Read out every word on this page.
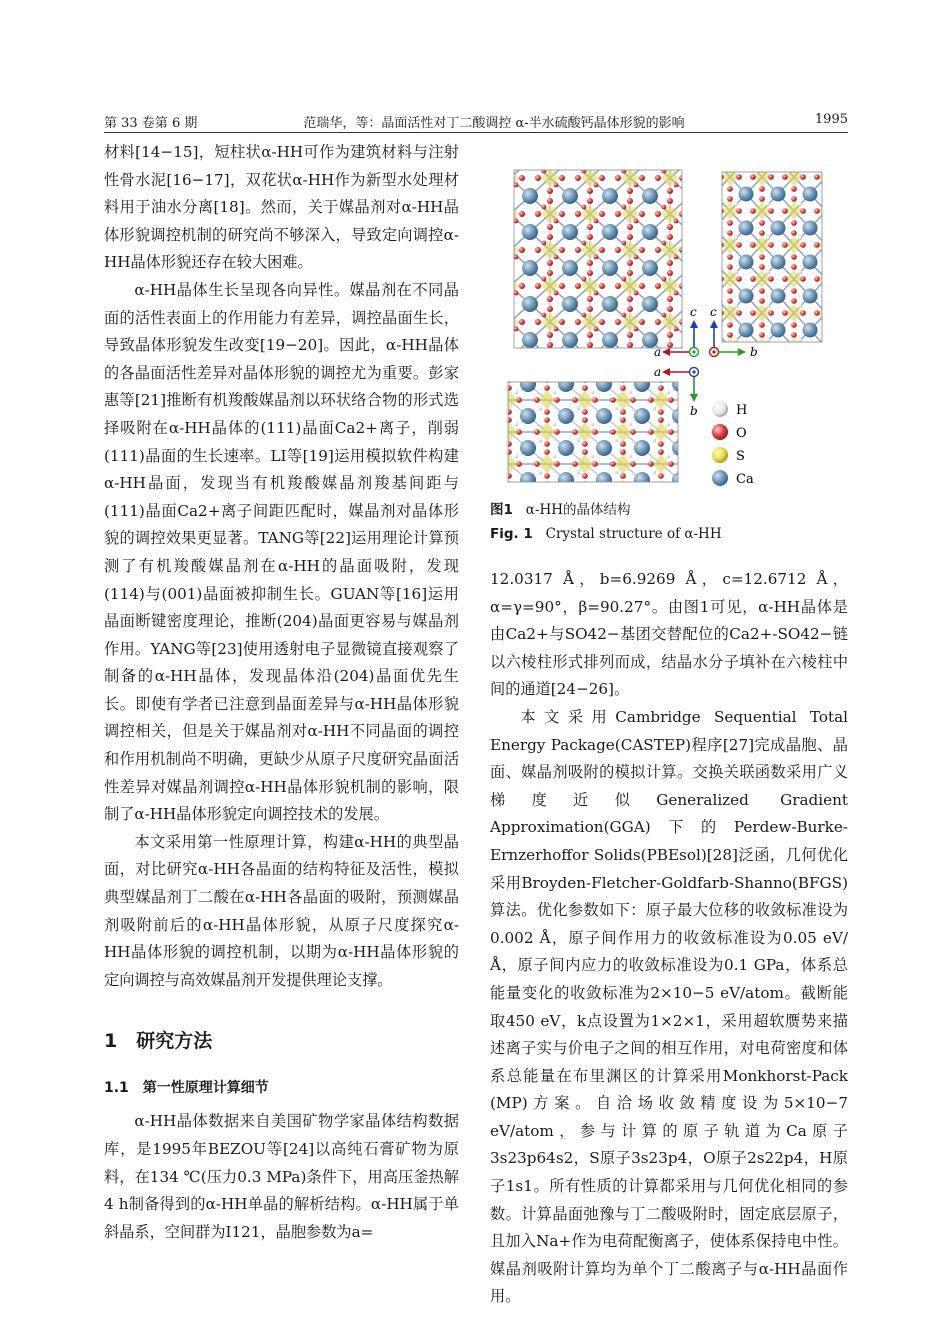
第 33 卷第 6 期	范瑞华，等：晶面活性对丁二酸调控 α-半水硫酸钙晶体形貌的影响	1995

材料[14−15]，短柱状α-HH可作为建筑材料与注射性骨水泥[16−17]，双花状α-HH作为新型水处理材料用于油水分离[18]。然而，关于媒晶剂对α-HH晶体形貌调控机制的研究尚不够深入，导致定向调控α-HH晶体形貌还存在较大困难。

α-HH晶体生长呈现各向异性。媒晶剂在不同晶面的活性表面上的作用能力有差异，调控晶面生长，导致晶体形貌发生改变[19−20]。因此，α-HH晶体的各晶面活性差异对晶体形貌的调控尤为重要。彭家惠等[21]推断有机羧酸媒晶剂以环状络合物的形式选择吸附在α-HH晶体的(111)晶面Ca2+离子，削弱(111)晶面的生长速率。LI等[19]运用模拟软件构建α-HH晶面，发现当有机羧酸媒晶剂羧基间距与(111)晶面Ca2+离子间距匹配时，媒晶剂对晶体形貌的调控效果更显著。TANG等[22]运用理论计算预测了有机羧酸媒晶剂在α-HH的晶面吸附，发现(114)与(001)晶面被抑制生长。GUAN等[16]运用晶面断键密度理论，推断(204)晶面更容易与媒晶剂作用。YANG等[23]使用透射电子显微镜直接观察了制备的α-HH晶体，发现晶体沿(204)晶面优先生长。即使有学者已注意到晶面差异与α-HH晶体形貌调控相关，但是关于媒晶剂对α-HH不同晶面的调控和作用机制尚不明确，更缺少从原子尺度研究晶面活性差异对媒晶剂调控α-HH晶体形貌机制的影响，限制了α-HH晶体形貌定向调控技术的发展。

本文采用第一性原理计算，构建α-HH的典型晶面，对比研究α-HH各晶面的结构特征及活性，模拟典型媒晶剂丁二酸在α-HH各晶面的吸附，预测媒晶剂吸附前后的α-HH晶体形貌，从原子尺度探究α-HH晶体形貌的调控机制，以期为α-HH晶体形貌的定向调控与高效媒晶剂开发提供理论支撑。

1　研究方法
1.1　第一性原理计算细节

α-HH晶体数据来自美国矿物学家晶体结构数据库，是1995年BEZOU等[24]以高纯石膏矿物为原料，在134 ℃(压力0.3 MPa)条件下，用高压釜热解4 h制备得到的α-HH单晶的解析结构。α-HH属于单斜晶系，空间群为I121，晶胞参数为a=

c
a
c
b
a
b	H
O
S
Ca
图1 α-HH的晶体结构
Fig. 1 Crystal structure of α-HH

12.0317 Å，b=6.9269 Å，c=12.6712 Å，α=γ=90°，β=90.27°。由图1可见，α-HH晶体是由Ca2+与SO42−基团交替配位的Ca2+-SO42−链以六棱柱形式排列而成，结晶水分子填补在六棱柱中间的通道[24−26]。

本文采用Cambridge Sequential Total Energy Package(CASTEP)程序[27]完成晶胞、晶面、媒晶剂吸附的模拟计算。交换关联函数采用广义梯度近似Generalized Gradient Approximation(GGA)下的Perdew-Burke-Ernzerhoffor Solids(PBEsol)[28]泛函，几何优化采用Broyden-Fletcher-Goldfarb-Shanno(BFGS)算法。优化参数如下：原子最大位移的收敛标准设为0.002 Å，原子间作用力的收敛标准设为0.05 eV/Å，原子间内应力的收敛标准设为0.1 GPa，体系总能量变化的收敛标准为2×10−5 eV/atom。截断能取450 eV，k点设置为1×2×1，采用超软赝势来描述离子实与价电子之间的相互作用，对电荷密度和体系总能量在布里渊区的计算采用Monkhorst-Pack (MP)方案。自洽场收敛精度设为5×10−7 eV/atom，参与计算的原子轨道为Ca原子3s23p64s2，S原子3s23p4，O原子2s22p4，H原子1s1。所有性质的计算都采用与几何优化相同的参数。计算晶面弛豫与丁二酸吸附时，固定底层原子，且加入Na+作为电荷配衡离子，使体系保持电中性。媒晶剂吸附计算均为单个丁二酸离子与α-HH晶面作用。
